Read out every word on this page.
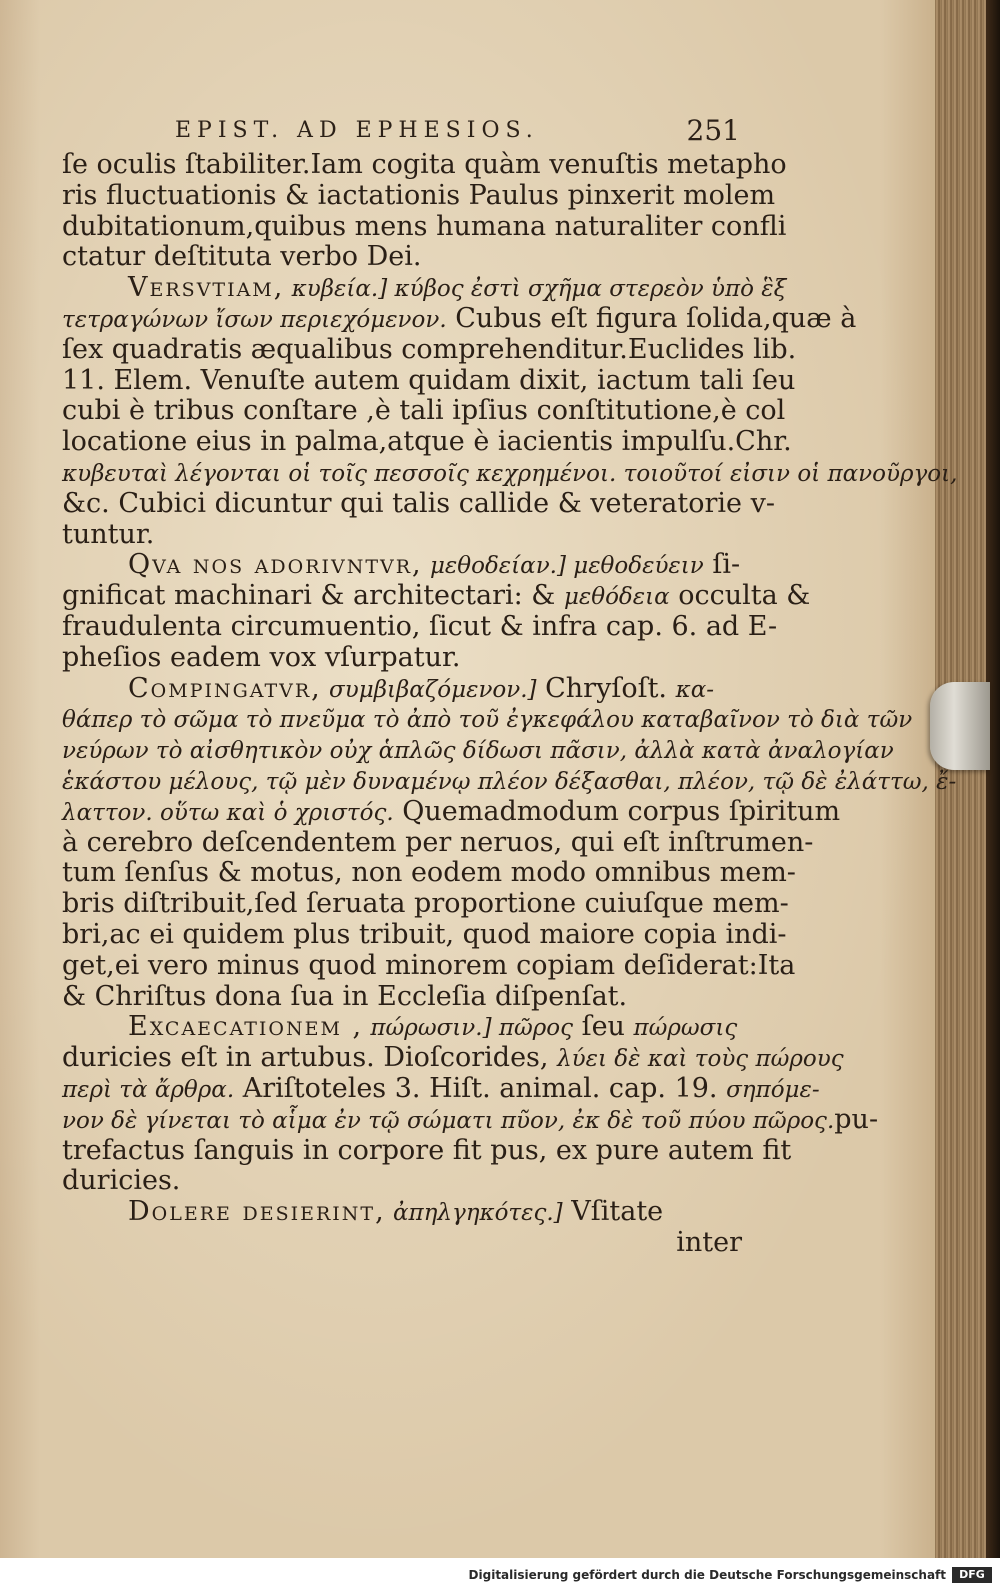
EPIST. AD EPHESIOS.	251
ſe oculis ſtabiliter.Iam cogita quàm venuſtis metapho
ris fluctuationis & iactationis Paulus pinxerit molem
dubitationum,quibus mens humana naturaliter confli
ctatur deſtituta verbo Dei.
Versvtiam, κυβεία.] κύβος ἐστὶ σχῆμα στερεὸν ὑπὸ ἓξ
τετραγώνων ἴσων περιεχόμενον. Cubus eſt figura ſolida,quæ à
ſex quadratis æqualibus comprehenditur.Euclides lib.
11. Elem. Venuſte autem quidam dixit, iactum tali ſeu
cubi è tribus conſtare ,è tali ipſius conſtitutione,è col
locatione eius in palma,atque è iacientis impulſu.Chr.
κυβευταὶ λέγονται οἱ τοῖς πεσσοῖς κεχρημένοι. τοιοῦτοί εἰσιν οἱ πανοῦργοι,
&c. Cubici dicuntur qui talis callide & veteratorie v-
tuntur.
Qva nos adorivntvr, μεθοδείαν.] μεθοδεύειν ſi-
gnificat machinari & architectari: & μεθόδεια occulta &
fraudulenta circumuentio, ſicut & infra cap. 6. ad E-
pheſios eadem vox vſurpatur.
Compingatvr, συμβιβαζόμενον.] Chryſoſt. κα-
θάπερ τὸ σῶμα τὸ πνεῦμα τὸ ἀπὸ τοῦ ἐγκεφάλου καταβαῖνον τὸ διὰ τῶν
νεύρων τὸ αἰσθητικὸν οὐχ ἁπλῶς δίδωσι πᾶσιν, ἀλλὰ κατὰ ἀναλογίαν
ἑκάστου μέλους, τῷ μὲν δυναμένῳ πλέον δέξασθαι, πλέον, τῷ δὲ ἐλάττω, ἔ-
λαττον. οὕτω καὶ ὁ χριστός. Quemadmodum corpus ſpiritum
à cerebro deſcendentem per neruos, qui eſt inſtrumen-
tum ſenſus & motus, non eodem modo omnibus mem-
bris diſtribuit,ſed ſeruata proportione cuiuſque mem-
bri,ac ei quidem plus tribuit, quod maiore copia indi-
get,ei vero minus quod minorem copiam deſiderat:Ita
& Chriſtus dona ſua in Eccleſia diſpenſat.
Excaecationem , πώρωσιν.] πῶρος ſeu πώρωσις
duricies eſt in artubus. Dioſcorides, λύει δὲ καὶ τοὺς πώρους
περὶ τὰ ἄρθρα. Ariſtoteles 3. Hiſt. animal. cap. 19. σηπόμε-
νον δὲ γίνεται τὸ αἷμα ἐν τῷ σώματι πῦον, ἐκ δὲ τοῦ πύου πῶρος.pu-
trefactus ſanguis in corpore fit pus, ex pure autem fit
duricies.
Dolere desierint, ἀπηλγηκότες.] Vſitate
inter
Digitalisierung gefördert durch die Deutsche Forschungsgemeinschaft	DFG
